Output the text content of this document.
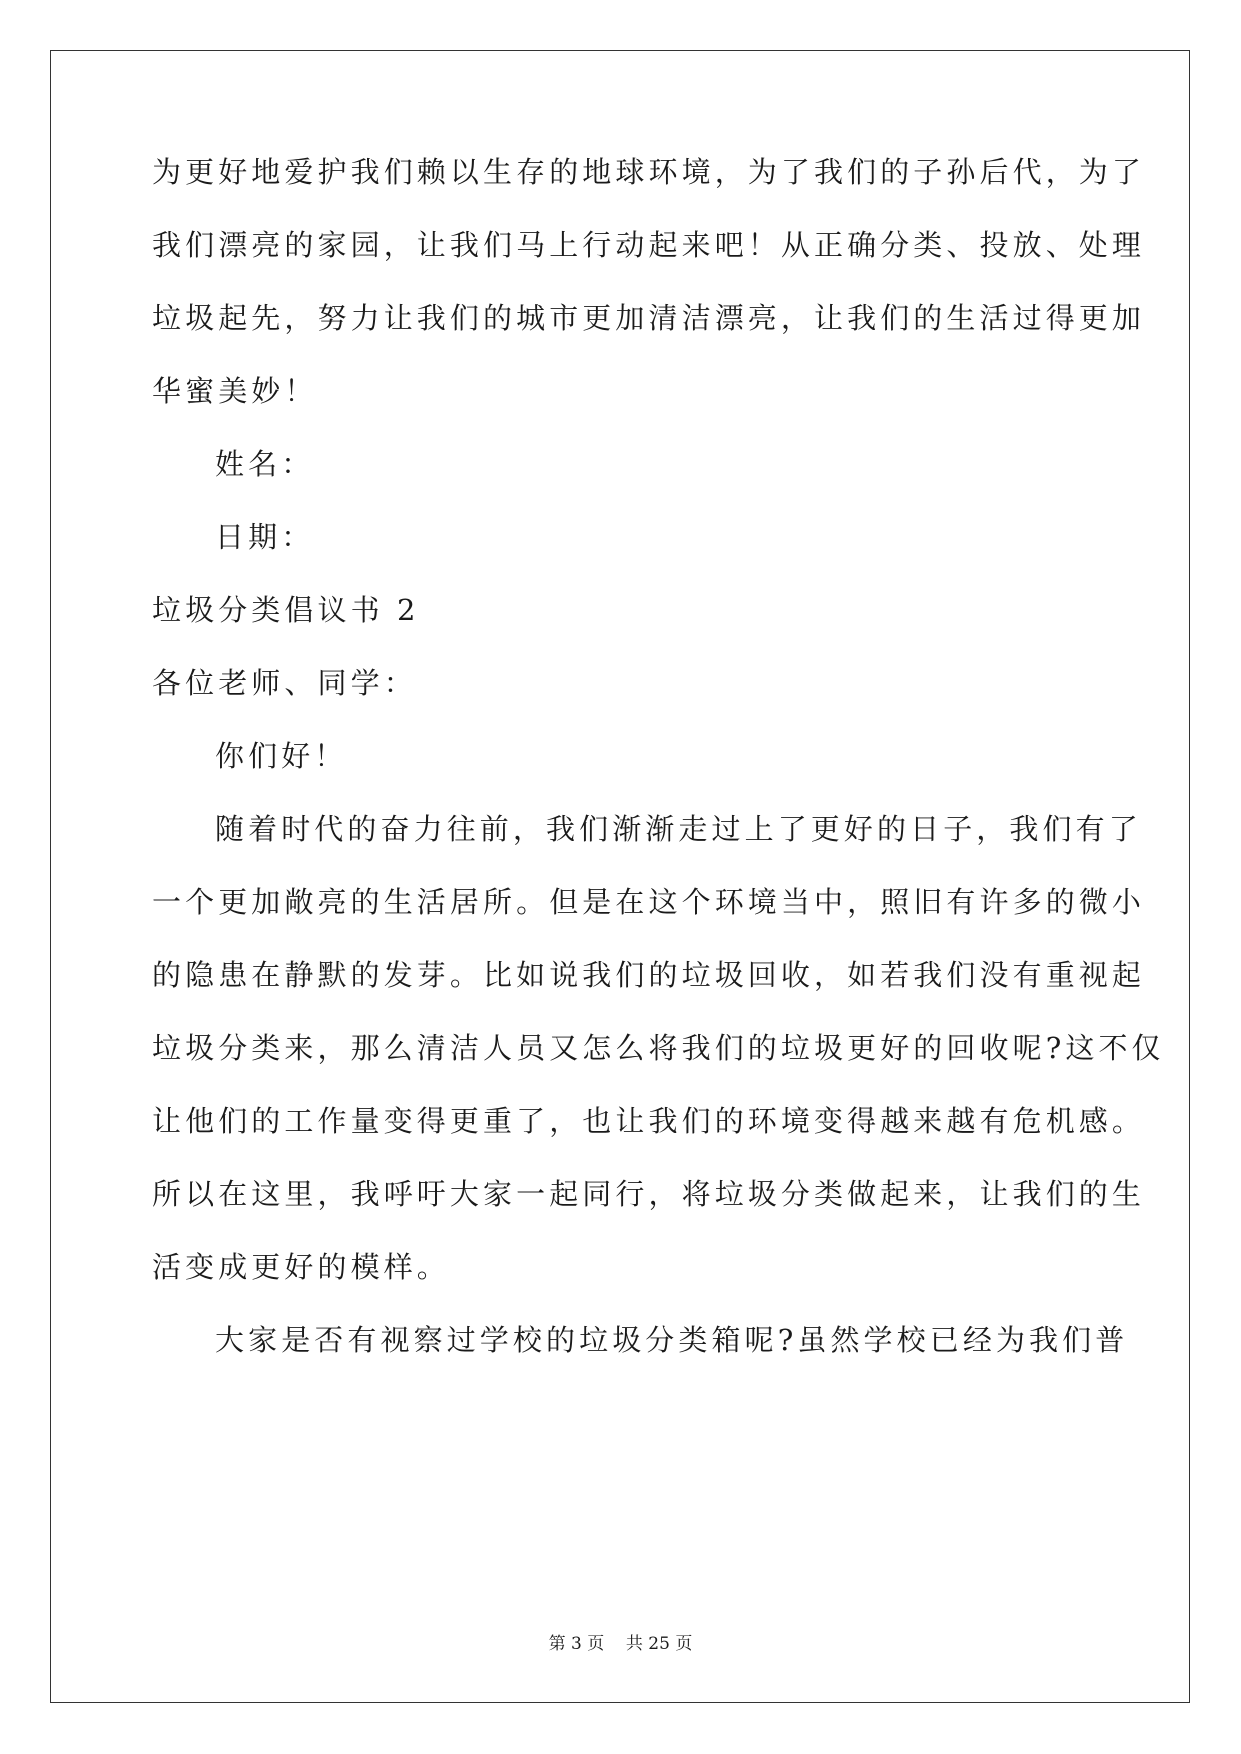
为更好地爱护我们赖以生存的地球环境，为了我们的子孙后代，为了
我们漂亮的家园，让我们马上行动起来吧！从正确分类、投放、处理
垃圾起先，努力让我们的城市更加清洁漂亮，让我们的生活过得更加
华蜜美妙！
姓名：
日期：
垃圾分类倡议书 2
各位老师、同学：
你们好！
随着时代的奋力往前，我们渐渐走过上了更好的日子，我们有了
一个更加敞亮的生活居所。但是在这个环境当中，照旧有许多的微小
的隐患在静默的发芽。比如说我们的垃圾回收，如若我们没有重视起
垃圾分类来，那么清洁人员又怎么将我们的垃圾更好的回收呢?这不仅
让他们的工作量变得更重了，也让我们的环境变得越来越有危机感。
所以在这里，我呼吁大家一起同行，将垃圾分类做起来，让我们的生
活变成更好的模样。
大家是否有视察过学校的垃圾分类箱呢?虽然学校已经为我们普
第 3 页 共 25 页
